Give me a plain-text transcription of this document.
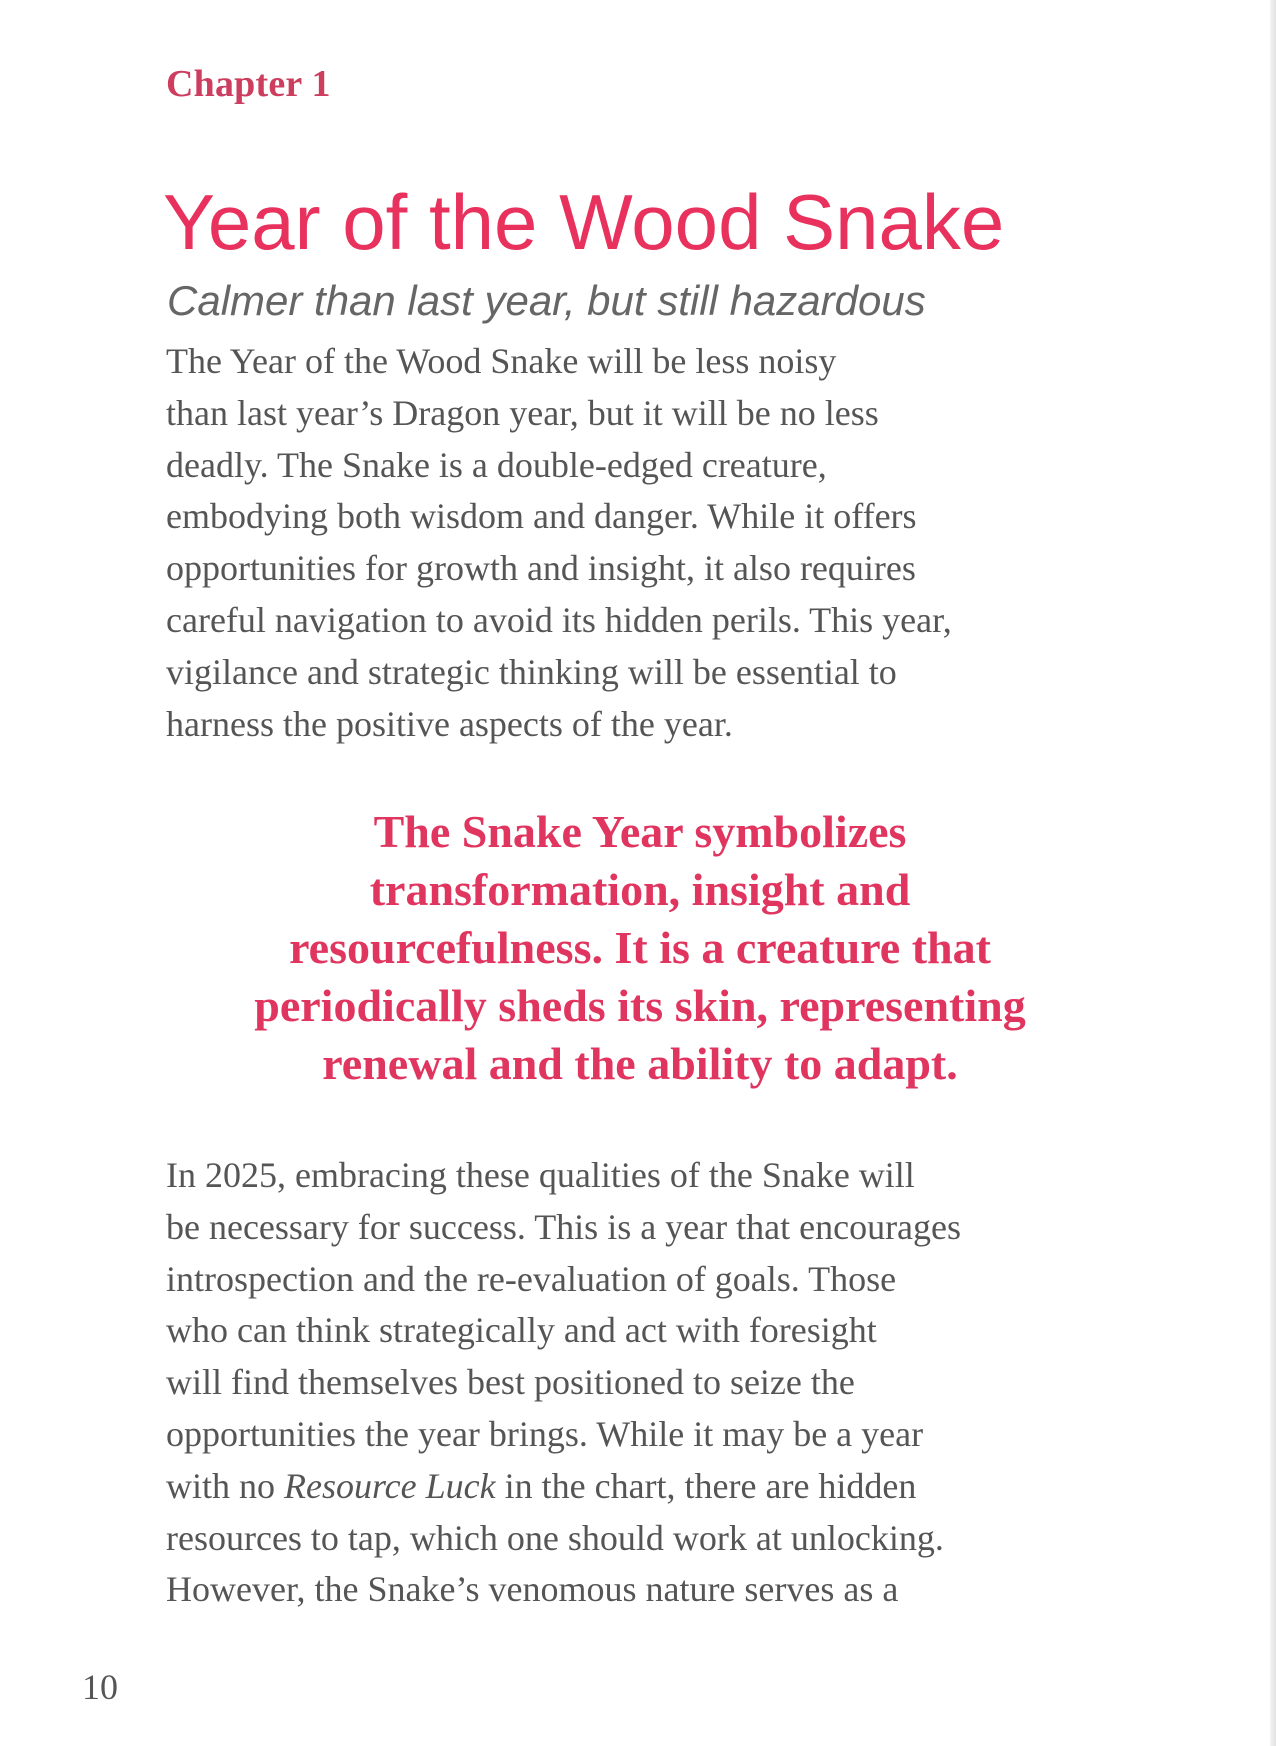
Chapter 1
Year of the Wood Snake
Calmer than last year, but still hazardous

The Year of the Wood Snake will be less noisy
than last year’s Dragon year, but it will be no less
deadly. The Snake is a double-edged creature,
embodying both wisdom and danger. While it offers
opportunities for growth and insight, it also requires
careful navigation to avoid its hidden perils. This year,
vigilance and strategic thinking will be essential to
harness the positive aspects of the year.

The Snake Year symbolizes
transformation, insight and
resourcefulness. It is a creature that
periodically sheds its skin, representing
renewal and the ability to adapt.

In 2025, embracing these qualities of the Snake will
be necessary for success. This is a year that encourages
introspection and the re-evaluation of goals. Those
who can think strategically and act with foresight
will find themselves best positioned to seize the
opportunities the year brings. While it may be a year
with no Resource Luck in the chart, there are hidden
resources to tap, which one should work at unlocking.
However, the Snake’s venomous nature serves as a

10
